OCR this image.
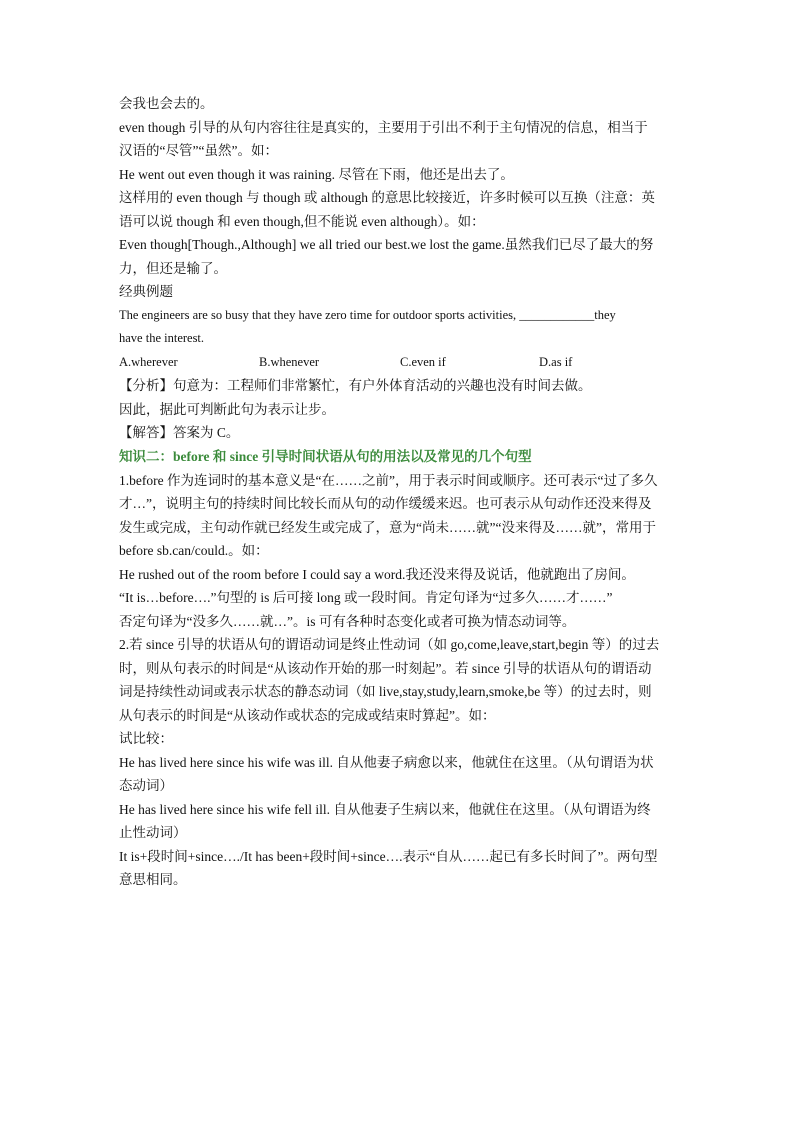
会我也会去的。
even though 引导的从句内容往往是真实的，主要用于引出不利于主句情况的信息，相当于
汉语的“尽管”“虽然”。如：
He went out even though it was raining. 尽管在下雨，他还是出去了。
这样用的 even though 与 though 或 although 的意思比较接近，许多时候可以互换（注意：英
语可以说 though 和 even though,但不能说 even although）。如：
Even though[Though.,Although] we all tried our best.we lost the game.虽然我们已尽了最大的努
力，但还是输了。
经典例题
The engineers are so busy that they have zero time for outdoor sports activities, ____________they
have the interest.
A.wherever	B.whenever	C.even if	D.as if
【分析】句意为：工程师们非常繁忙，有户外体育活动的兴趣也没有时间去做。
因此，据此可判断此句为表示让步。
【解答】答案为 C。
知识二：before 和 since 引导时间状语从句的用法以及常见的几个句型
1.before 作为连词时的基本意义是“在……之前”，用于表示时间或顺序。还可表示“过了多久
才…”，说明主句的持续时间比较长而从句的动作缓缓来迟。也可表示从句动作还没来得及
发生或完成，主句动作就已经发生或完成了，意为“尚未……就”“没来得及……就”，常用于
before sb.can/could.。如：
He rushed out of the room before I could say a word.我还没来得及说话，他就跑出了房间。
“It is…before….”句型的 is 后可接 long 或一段时间。肯定句译为“过多久……才……”
否定句译为“没多久……就…”。is 可有各种时态变化或者可换为情态动词等。
2.若 since 引导的状语从句的谓语动词是终止性动词（如 go,come,leave,start,begin 等）的过去
时，则从句表示的时间是“从该动作开始的那一时刻起”。若 since 引导的状语从句的谓语动
词是持续性动词或表示状态的静态动词（如 live,stay,study,learn,smoke,be 等）的过去时，则
从句表示的时间是“从该动作或状态的完成或结束时算起”。如：
试比较：
He has lived here since his wife was ill. 自从他妻子病愈以来，他就住在这里。（从句谓语为状
态动词）
He has lived here since his wife fell ill. 自从他妻子生病以来，他就住在这里。（从句谓语为终
止性动词）
It is+段时间+since…./It has been+段时间+since….表示“自从……起已有多长时间了”。两句型
意思相同。
